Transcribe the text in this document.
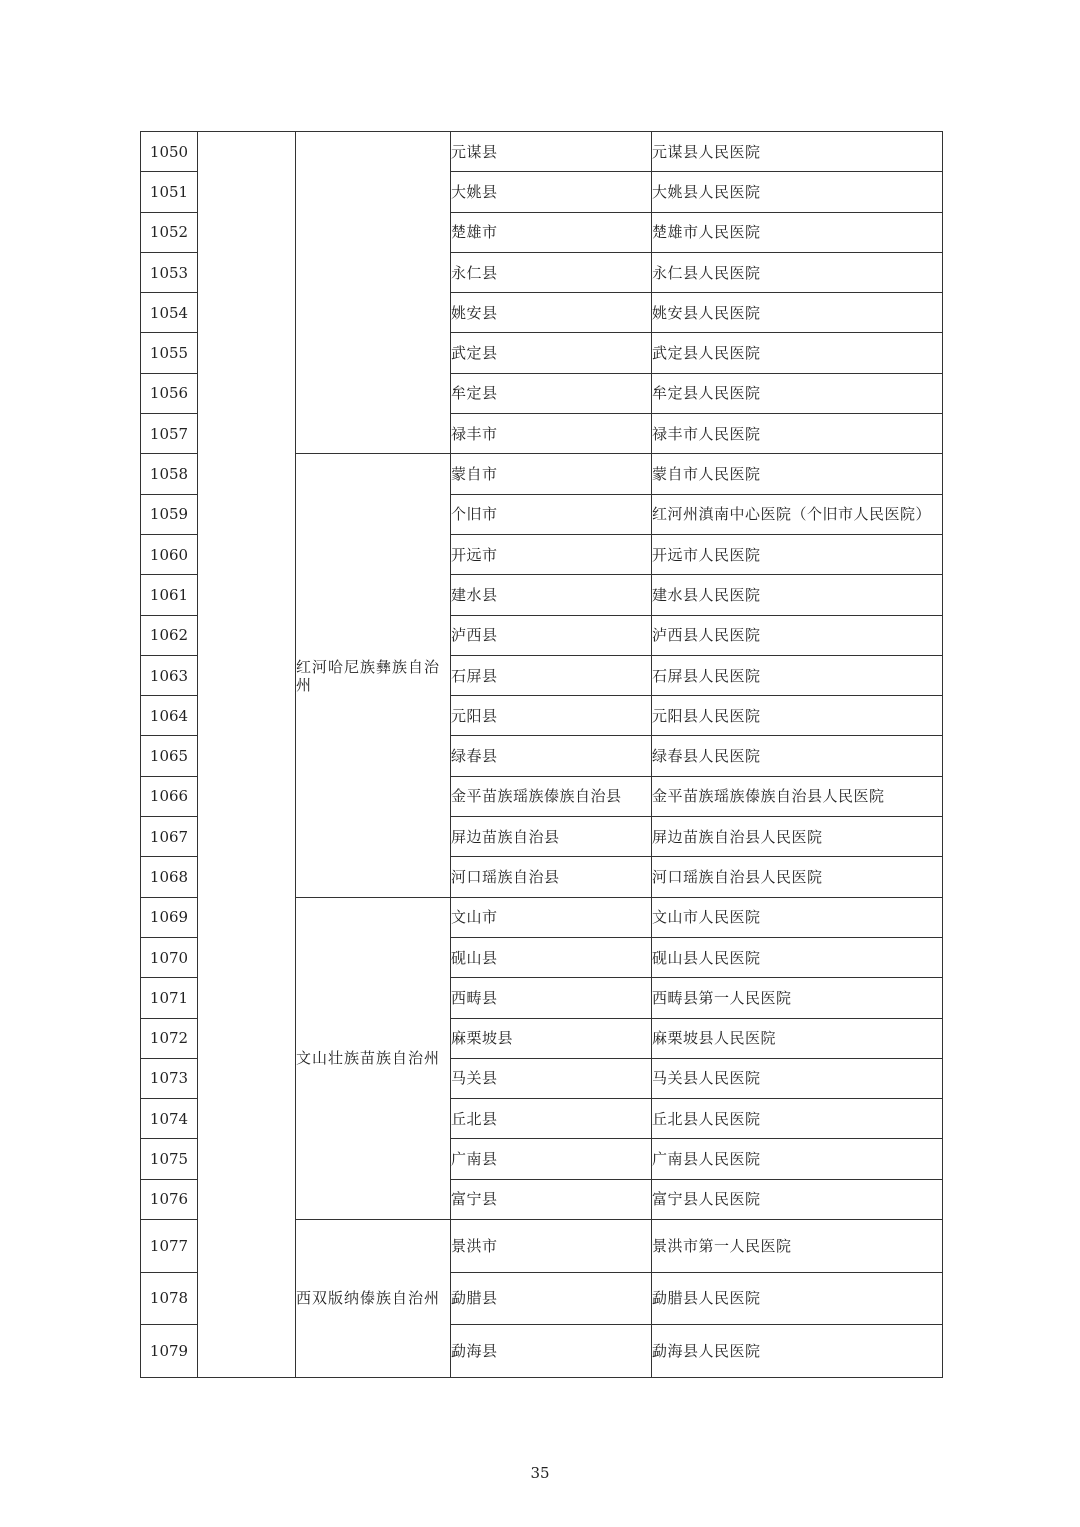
1050			元谋县	元谋县人民医院
1051			大姚县	大姚县人民医院
1052			楚雄市	楚雄市人民医院
1053			永仁县	永仁县人民医院
1054			姚安县	姚安县人民医院
1055			武定县	武定县人民医院
1056			牟定县	牟定县人民医院
1057			禄丰市	禄丰市人民医院
1058		红河哈尼族彝族自治州	蒙自市	蒙自市人民医院
1059			个旧市	红河州滇南中心医院（个旧市人民医院）
1060			开远市	开远市人民医院
1061			建水县	建水县人民医院
1062			泸西县	泸西县人民医院
1063			石屏县	石屏县人民医院
1064			元阳县	元阳县人民医院
1065			绿春县	绿春县人民医院
1066			金平苗族瑶族傣族自治县	金平苗族瑶族傣族自治县人民医院
1067			屏边苗族自治县	屏边苗族自治县人民医院
1068			河口瑶族自治县	河口瑶族自治县人民医院
1069		文山壮族苗族自治州	文山市	文山市人民医院
1070			砚山县	砚山县人民医院
1071			西畴县	西畴县第一人民医院
1072			麻栗坡县	麻栗坡县人民医院
1073			马关县	马关县人民医院
1074			丘北县	丘北县人民医院
1075			广南县	广南县人民医院
1076			富宁县	富宁县人民医院
1077		西双版纳傣族自治州	景洪市	景洪市第一人民医院
1078			勐腊县	勐腊县人民医院
1079			勐海县	勐海县人民医院
35
